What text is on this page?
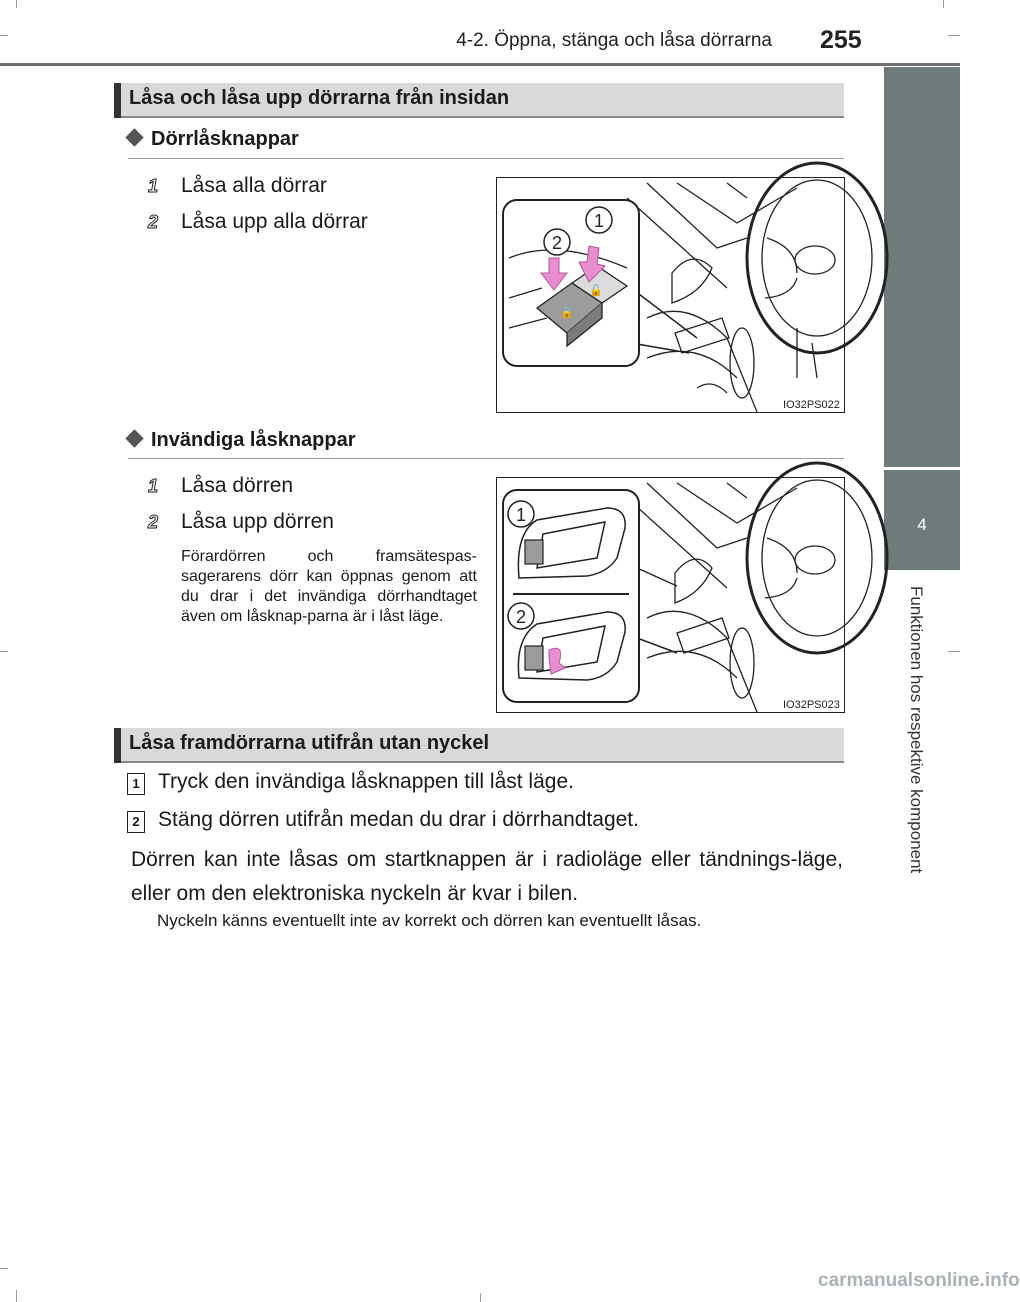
4-2. Öppna, stänga och låsa dörrarna 255
4
Funktionen hos respektive komponent
Låsa och låsa upp dörrarna från insidan
Dörrlåsknappar
1 Låsa alla dörrar
2 Låsa upp alla dörrar
🔒
🔓
1
2
IO32PS022
Invändiga låsknappar
1 Låsa dörren
2 Låsa upp dörren
Förardörren och framsätespas-sagerarens dörr kan öppnas genom att du drar i det invändiga dörrhandtaget även om låsknap-parna är i låst läge.
1
2
IO32PS023
Låsa framdörrarna utifrån utan nyckel
1 Tryck den invändiga låsknappen till låst läge.
2 Stäng dörren utifrån medan du drar i dörrhandtaget.
Dörren kan inte låsas om startknappen är i radioläge eller tändnings-läge, eller om den elektroniska nyckeln är kvar i bilen.
Nyckeln känns eventuellt inte av korrekt och dörren kan eventuellt låsas.
carmanualsonline.info
